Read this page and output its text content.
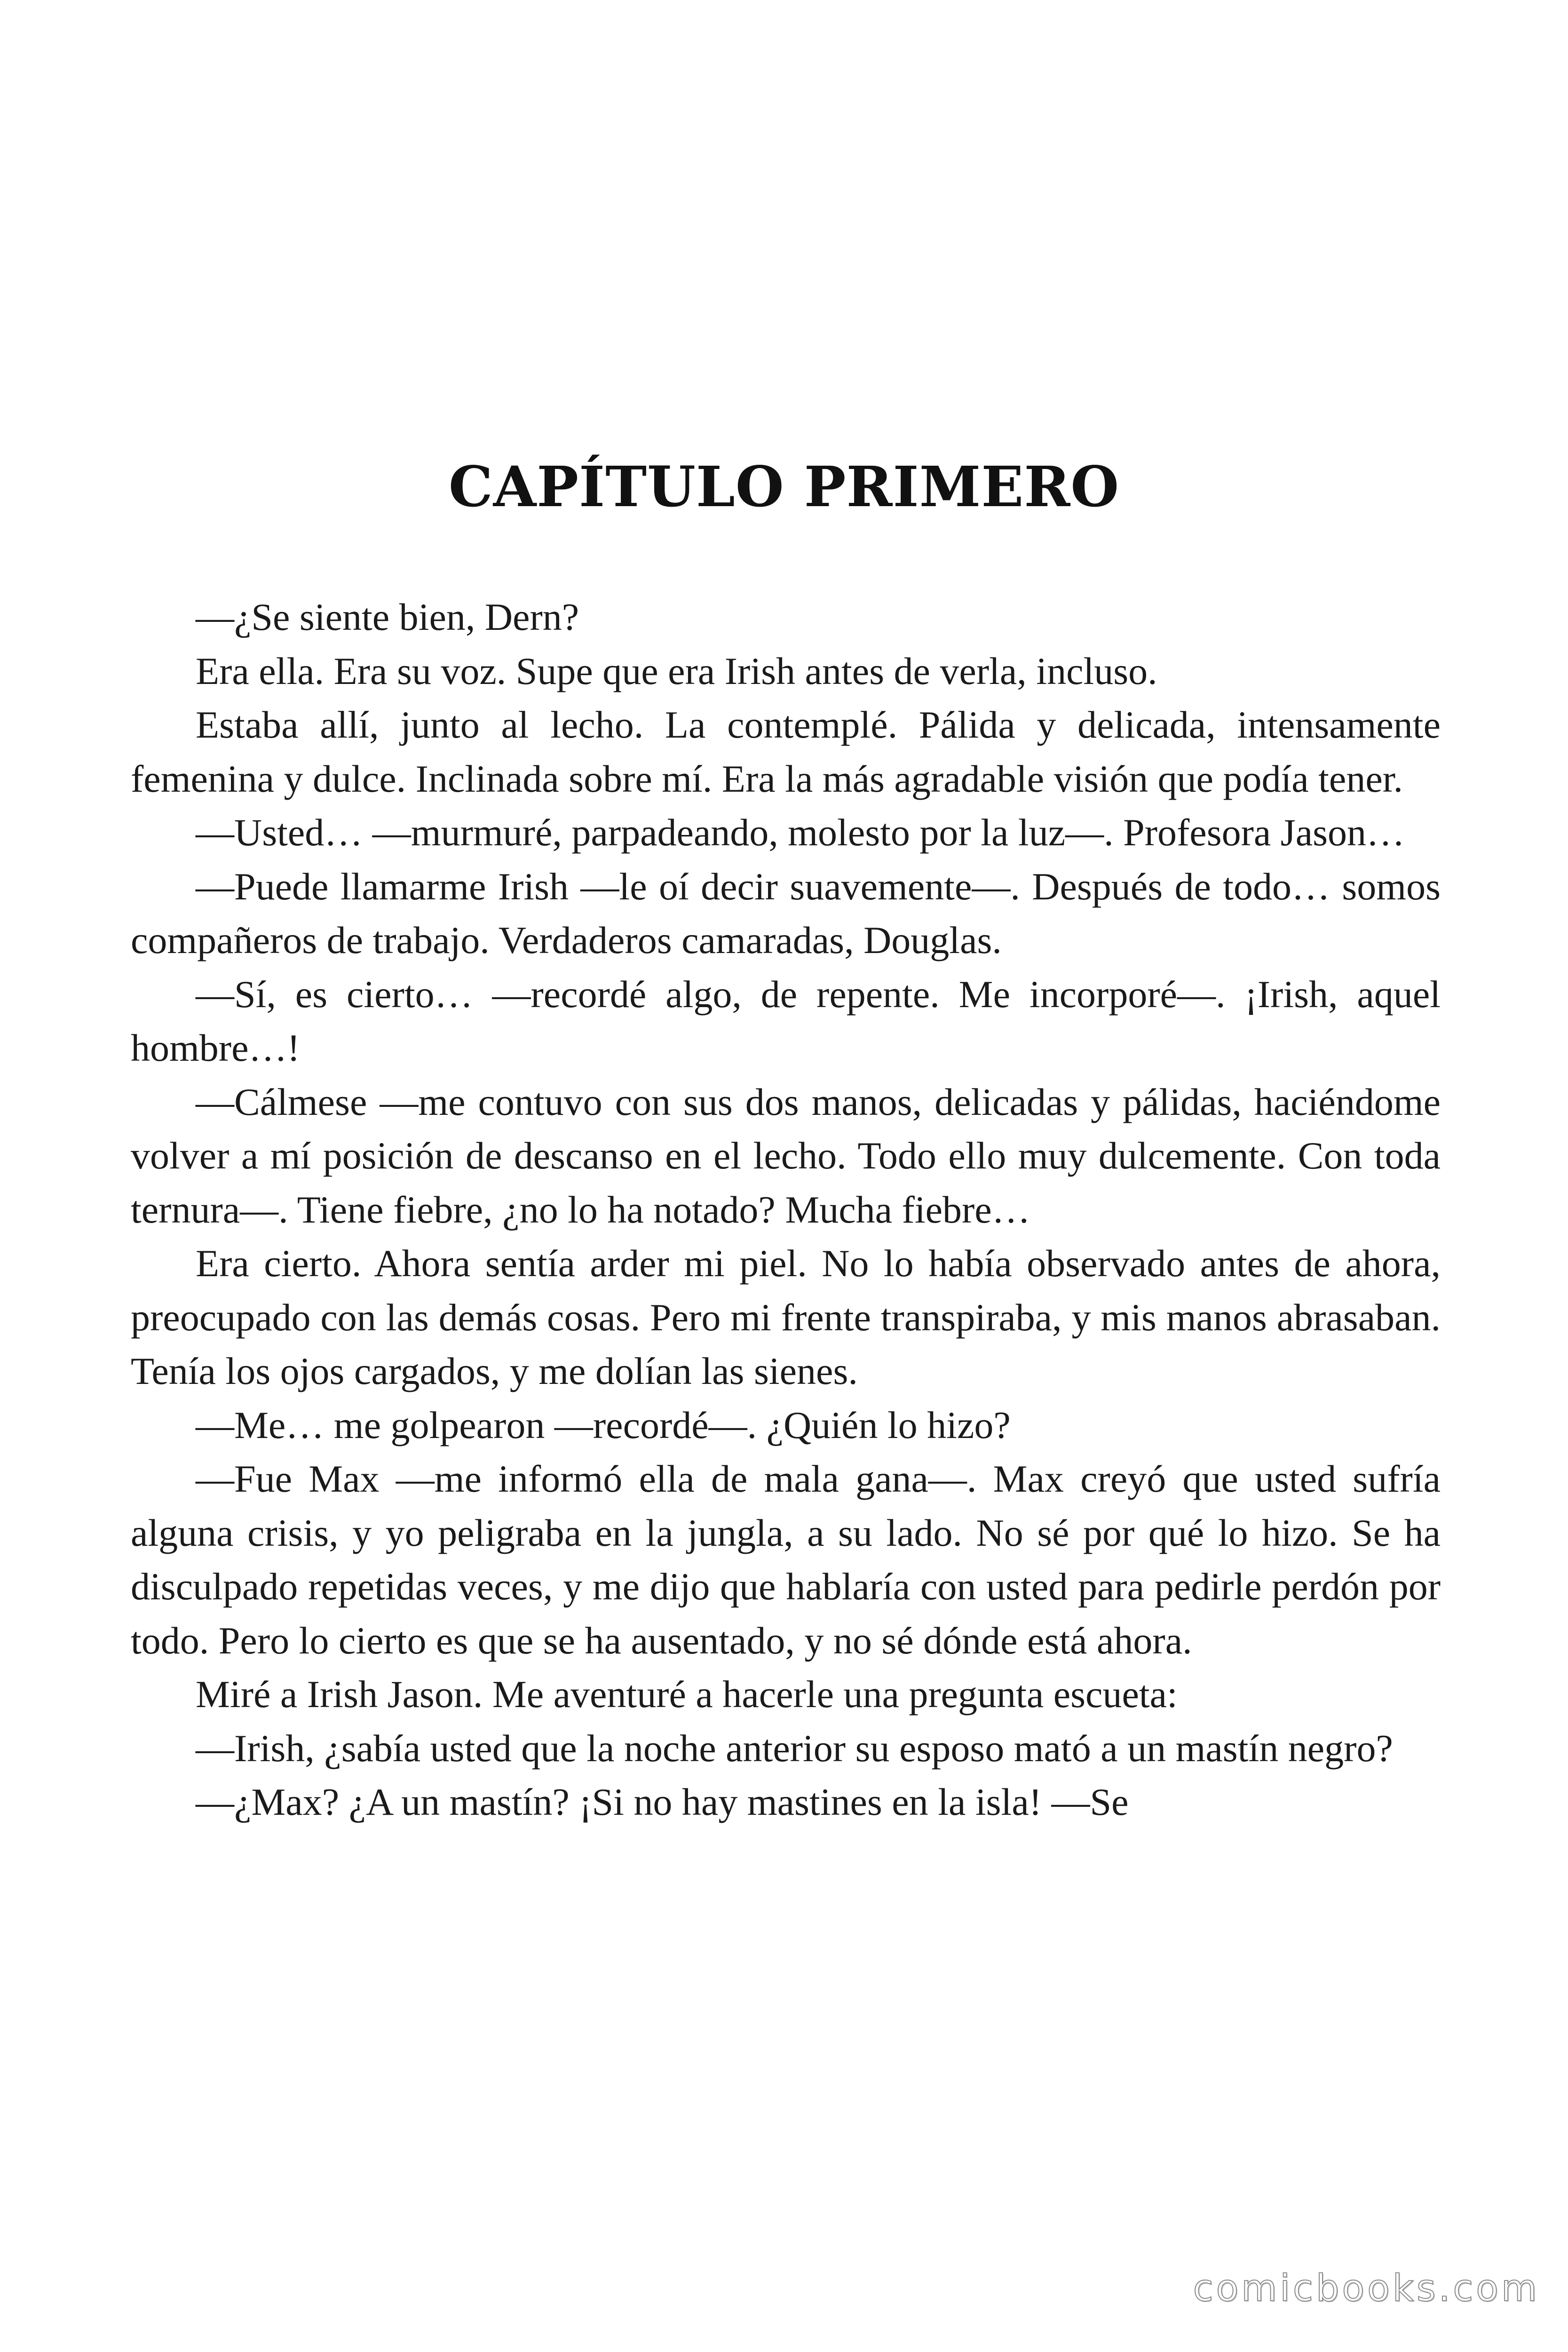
CAPÍTULO PRIMERO

—¿Se siente bien, Dern?

Era ella. Era su voz. Supe que era Irish antes de verla, incluso.

Estaba allí, junto al lecho. La contemplé. Pálida y delicada, intensamente femenina y dulce. Inclinada sobre mí. Era la más agradable visión que podía tener.

—Usted… —murmuré, parpadeando, molesto por la luz—. Profesora Jason…

—Puede llamarme Irish —le oí decir suavemente—. Después de todo… somos compañeros de trabajo. Verdaderos camaradas, Douglas.

—Sí, es cierto… —recordé algo, de repente. Me incorporé—. ¡Irish, aquel hombre…!

—Cálmese —me contuvo con sus dos manos, delicadas y pálidas, haciéndome volver a mí posición de descanso en el lecho. Todo ello muy dulcemente. Con toda ternura—. Tiene fiebre, ¿no lo ha notado? Mucha fiebre…

Era cierto. Ahora sentía arder mi piel. No lo había observado antes de ahora, preocupado con las demás cosas. Pero mi frente transpiraba, y mis manos abrasaban. Tenía los ojos cargados, y me dolían las sienes.

—Me… me golpearon —recordé—. ¿Quién lo hizo?

—Fue Max —me informó ella de mala gana—. Max creyó que usted sufría alguna crisis, y yo peligraba en la jungla, a su lado. No sé por qué lo hizo. Se ha disculpado repetidas veces, y me dijo que hablaría con usted para pedirle perdón por todo. Pero lo cierto es que se ha ausentado, y no sé dónde está ahora.

Miré a Irish Jason. Me aventuré a hacerle una pregunta escueta:

—Irish, ¿sabía usted que la noche anterior su esposo mató a un mastín negro?

—¿Max? ¿A un mastín? ¡Si no hay mastines en la isla! —Se

comicbooks.com
